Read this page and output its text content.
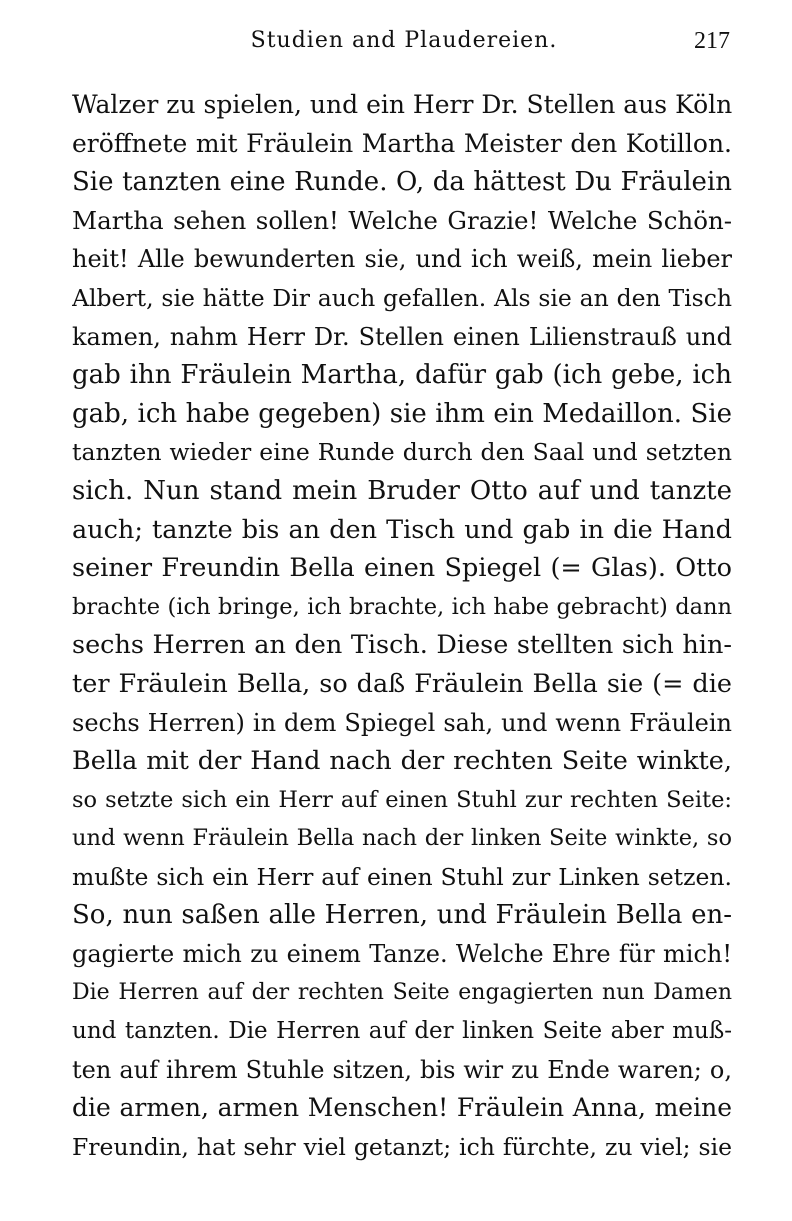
Studien and Plaudereien.	217
Walzer zu spielen, und ein Herr Dr. Stellen aus Köln
eröffnete mit Fräulein Martha Meister den Kotillon.
Sie tanzten eine Runde. O, da hättest Du Fräulein
Martha sehen sollen! Welche Grazie! Welche Schön-
heit! Alle bewunderten sie, und ich weiß, mein lieber
Albert, sie hätte Dir auch gefallen. Als sie an den Tisch
kamen, nahm Herr Dr. Stellen einen Lilienstrauß und
gab ihn Fräulein Martha, dafür gab (ich gebe, ich
gab, ich habe gegeben) sie ihm ein Medaillon. Sie
tanzten wieder eine Runde durch den Saal und setzten
sich. Nun stand mein Bruder Otto auf und tanzte
auch; tanzte bis an den Tisch und gab in die Hand
seiner Freundin Bella einen Spiegel (= Glas). Otto
brachte (ich bringe, ich brachte, ich habe gebracht) dann
sechs Herren an den Tisch. Diese stellten sich hin-
ter Fräulein Bella, so daß Fräulein Bella sie (= die
sechs Herren) in dem Spiegel sah, und wenn Fräulein
Bella mit der Hand nach der rechten Seite winkte,
so setzte sich ein Herr auf einen Stuhl zur rechten Seite:
und wenn Fräulein Bella nach der linken Seite winkte, so
mußte sich ein Herr auf einen Stuhl zur Linken setzen.
So, nun saßen alle Herren, und Fräulein Bella en-
gagierte mich zu einem Tanze. Welche Ehre für mich!
Die Herren auf der rechten Seite engagierten nun Damen
und tanzten. Die Herren auf der linken Seite aber muß-
ten auf ihrem Stuhle sitzen, bis wir zu Ende waren; o,
die armen, armen Menschen! Fräulein Anna, meine
Freundin, hat sehr viel getanzt; ich fürchte, zu viel; sie
